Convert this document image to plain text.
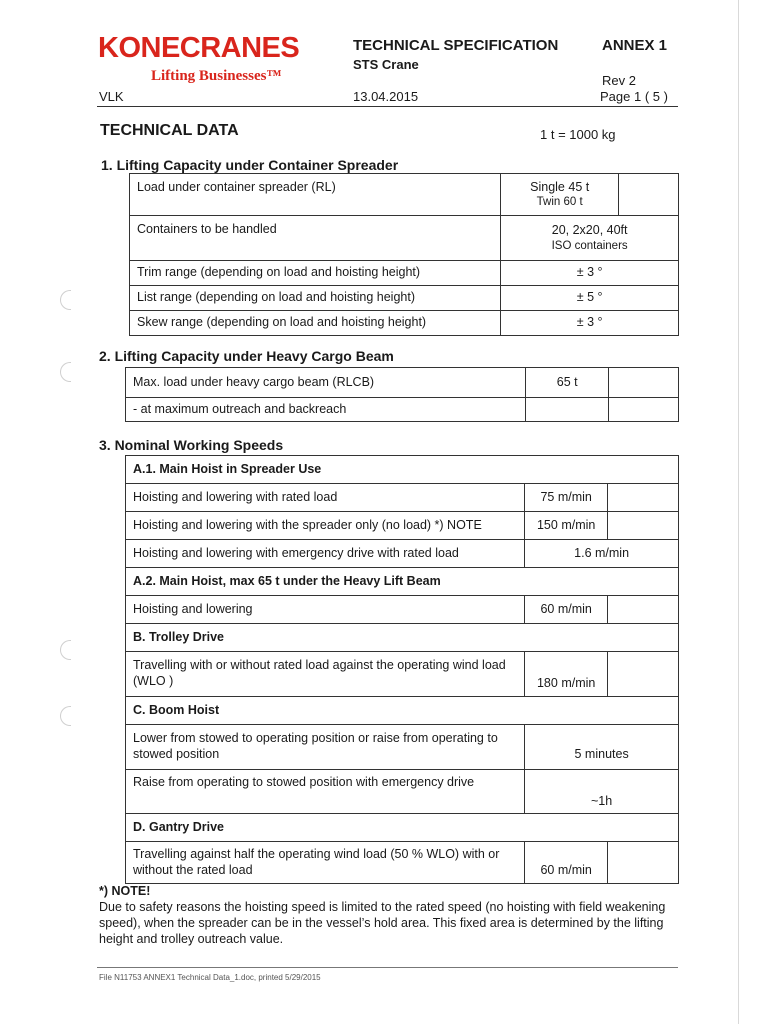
KONECRANES
Lifting Businesses™
TECHNICAL SPECIFICATION	ANNEX 1
STS Crane
Rev 2
VLK	13.04.2015	Page 1 ( 5 )
TECHNICAL DATA	1 t = 1000 kg
1. Lifting Capacity under Container Spreader
Load under container spreader (RL)	Single 45 t
Twin 60 t	

Containers to be handled	20, 2x20, 40ft
ISO containers	

Trim range (depending on load and hoisting height)	± 3 °	
List range (depending on load and hoisting height)	± 5 °	
Skew range (depending on load and hoisting height)	± 3 °	
2. Lifting Capacity under Heavy Cargo Beam
Max. load under heavy cargo beam (RLCB)	65 t	
- at maximum outreach and backreach		
3. Nominal Working Speeds
A.1. Main Hoist in Spreader Use		
Hoisting and lowering with rated load	75 m/min	
Hoisting and lowering with the spreader only (no load) *) NOTE	150 m/min	
Hoisting and lowering with emergency drive with rated load	1.6 m/min	
A.2. Main Hoist, max 65 t under the Heavy Lift Beam		
Hoisting and lowering	60 m/min	
B. Trolley Drive		
Travelling with or without rated load against the operating wind load (WLO )	180 m/min	
C. Boom Hoist		
Lower from stowed to operating position or raise from operating to stowed position	5 minutes	
Raise from operating to stowed position with emergency drive	~1h	
D. Gantry Drive		
Travelling against half the operating wind load (50 % WLO) with or without the rated load	60 m/min	
*) NOTE!
Due to safety reasons the hoisting speed is limited to the rated speed (no hoisting with field weakening speed), when the spreader can be in the vessel’s hold area. This fixed area is determined by the lifting height and trolley outreach value.
File N11753 ANNEX1 Technical Data_1.doc, printed 5/29/2015
